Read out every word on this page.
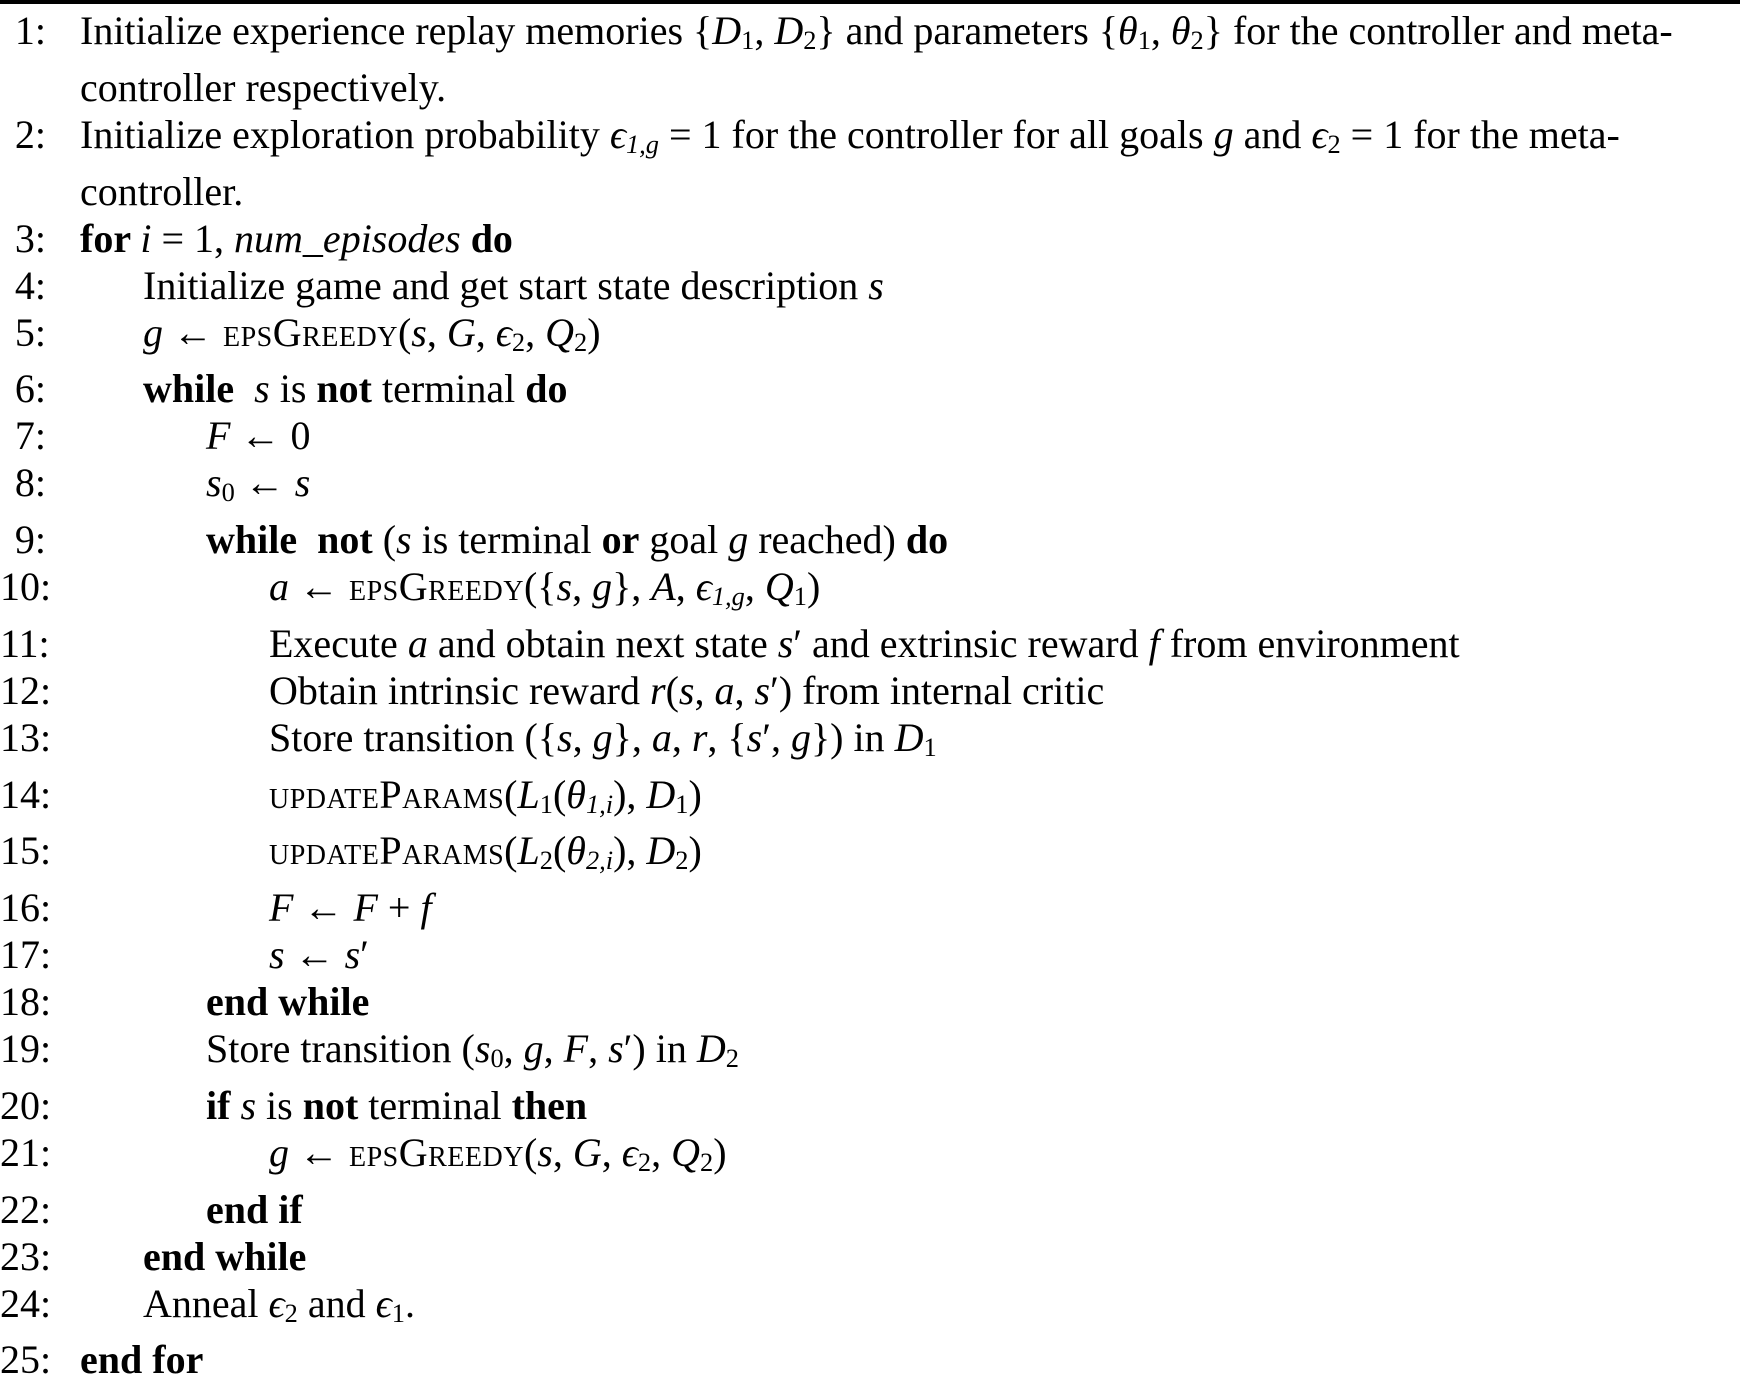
1: Initialize experience replay memories {D1, D2} and parameters {θ1, θ2} for the controller and meta-controller respectively.
2: Initialize exploration probability ϵ1,g = 1 for the controller for all goals g and ϵ2 = 1 for the meta-controller.
3: for i = 1, num_episodes do
4:	Initialize game and get start state description s
5:	g ← epsGreedy(s, G, ϵ2, Q2)
6:	while  s is not terminal do
7:	F ← 0
8:	s0 ← s
9:	while  not (s is terminal or goal g reached) do
10:	a ← epsGreedy({s, g}, A, ϵ1,g, Q1)
11:	Execute a and obtain next state s′ and extrinsic reward f from environment
12:	Obtain intrinsic reward r(s, a, s′) from internal critic
13:	Store transition ({s, g}, a, r, {s′, g}) in D1
14:	updateParams(L1(θ1,i), D1)
15:	updateParams(L2(θ2,i), D2)
16:	F ← F + f
17:	s ← s′
18:	end while
19:	Store transition (s0, g, F, s′) in D2
20:	if s is not terminal then
21:	g ← epsGreedy(s, G, ϵ2, Q2)
22:	end if
23:	end while
24:	Anneal ϵ2 and ϵ1.
25: end for
